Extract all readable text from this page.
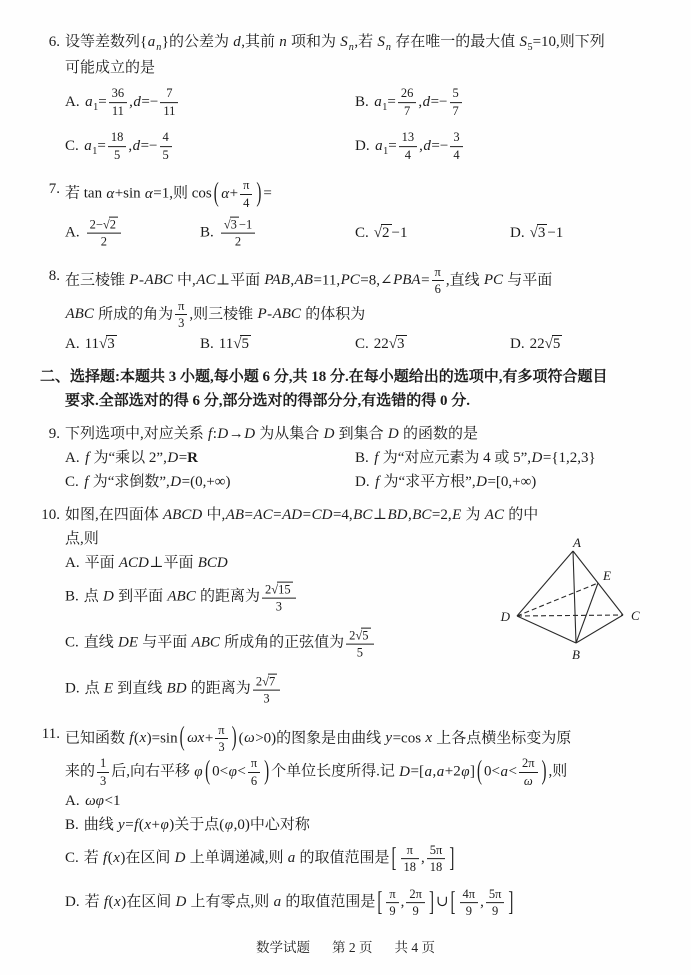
6. 设等差数列$\{a_n\}$的公差为 d,其前 n 项和为 $S_n$,若 $S_n$ 存在唯一的最大值 $S_5=10$,则下列
可能成立的是
A. $a_1= \frac{36}{11} ,d=- \frac{7}{11}$	B. $a_1= \frac{26}{7} ,d=- \frac{5}{7}$
C. $a_1= \frac{18}{5} ,d=- \frac{4}{5}$	D. $a_1= \frac{13}{4} ,d=- \frac{3}{4}$
7. 若 tan α+sin α=1,则 cos ( $\alpha+ \frac{\pi}{4}$ ) =
A. $\frac{2-√2}{2}$	B. $\frac{√3 -1}{2}$	C. √2 −1	D. √3 −1
8. 在三棱锥 P-ABC 中,AC⊥平面 PAB,AB=11,PC=8,∠PBA= $\frac{\pi}{6}$ ,直线 PC 与平面
ABC 所成的角为 $\frac{\pi}{3}$ ,则三棱锥 P-ABC 的体积为
A. 11√3	B. 11√5	C. 22√3	D. 22√5
二、选择题:本题共 3 小题,每小题 6 分,共 18 分.在每小题给出的选项中,有多项符合题目
要求.全部选对的得 6 分,部分选对的得部分分,有选错的得 0 分.
9. 下列选项中,对应关系 f:D→D 为从集合 D 到集合 D 的函数的是
A. f 为“乘以 2”,D=R	B. f 为“对应元素为 4 或 5”,D={1,2,3}
C. f 为“求倒数”,D=(0,+∞)	D. f 为“求平方根”,D=[0,+∞)
10. 如图,在四面体 ABCD 中,AB=AC=AD=CD=4,BC⊥BD,BC=2,E 为 AC 的中
点,则
A. 平面 ACD⊥平面 BCD
B. 点 D 到平面 ABC 的距离为 $\frac{2√15}{3}$
C. 直线 DE 与平面 ABC 所成角的正弦值为 $\frac{2√5}{5}$
D. 点 E 到直线 BD 的距离为 $\frac{2√7}{3}$
11. 已知函数 f(x)=sin ( $\omega x+ \frac{\pi}{3}$ ) (ω>0)的图象是由曲线 y=cos x 上各点横坐标变为原
来的 $\frac{1}{3}$ 后,向右平移 φ ( $0<\varphi< \frac{\pi}{6}$ ) 个单位长度所得.记 D=[a,a+2φ] ( $0<a< \frac{2\pi}{\omega}$ ) ,则
A. ωφ<1
B. 曲线 y=f(x+φ)关于点(φ,0)中心对称
C. 若 f(x)在区间 D 上单调递减,则 a 的取值范围是 [ $\frac{\pi}{18}$ , $\frac{5\pi}{18}$ ]
D. 若 f(x)在区间 D 上有零点,则 a 的取值范围是 [ $\frac{\pi}{9}$ , $\frac{2\pi}{9}$ ] ∪ [ $\frac{4\pi}{9}$ , $\frac{5\pi}{9}$ ]
A
E
D	C
B
数学试题 第 2 页 共 4 页
